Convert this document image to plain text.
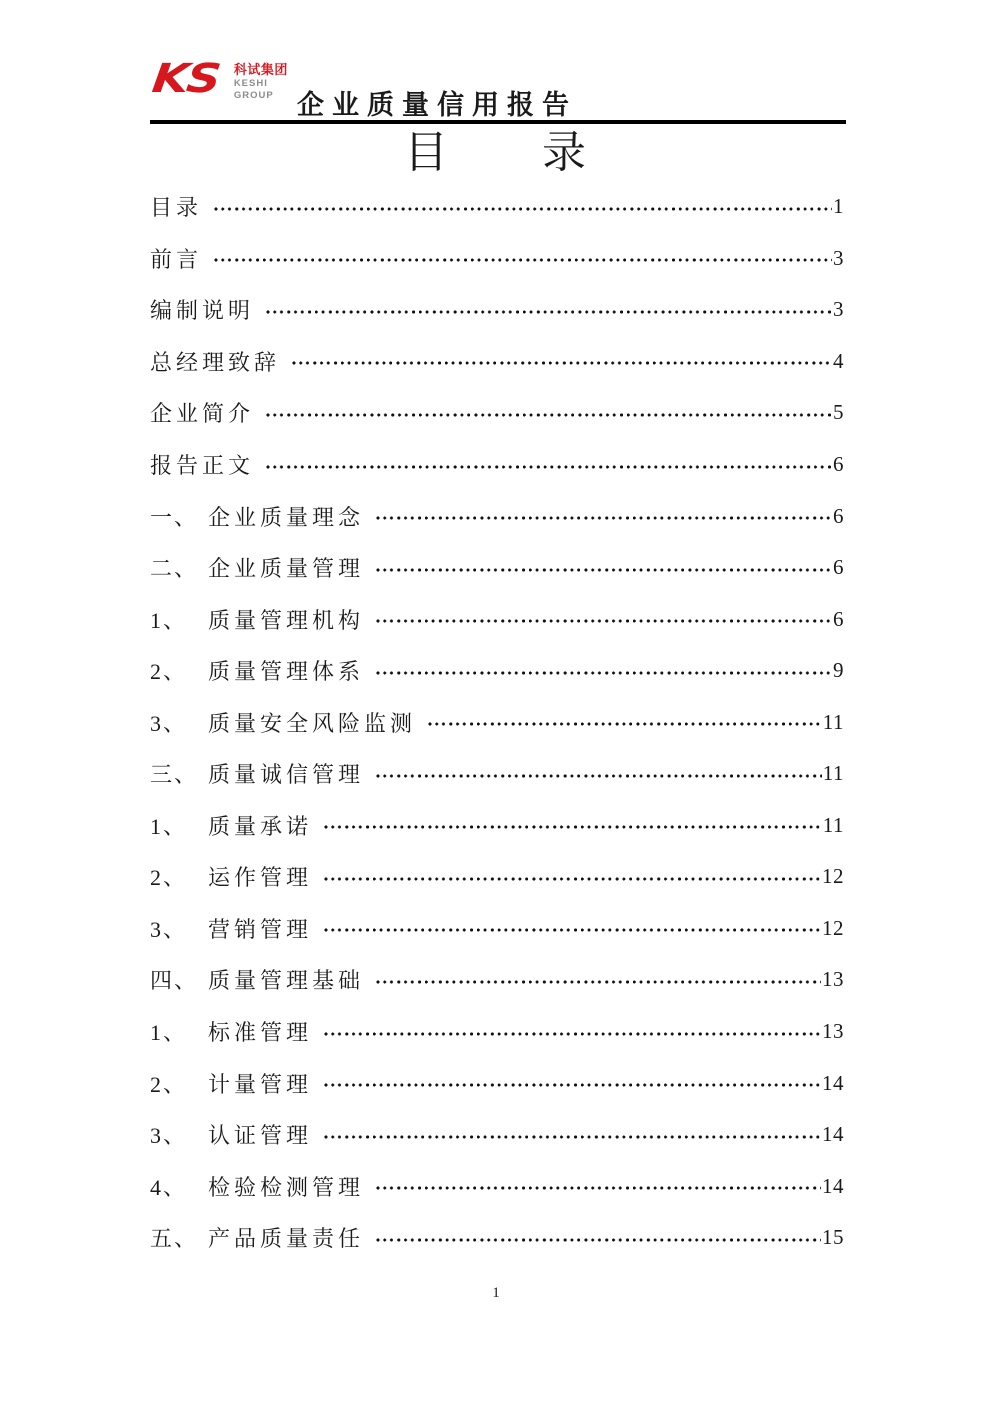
KS 科试集团
KESHI
GROUP 企业质量信用报告
目　　录
目录	1
前言	3
编制说明	3
总经理致辞	4
企业简介	5
报告正文	6
一、 企业质量理念	6
二、 企业质量管理	6
1、 质量管理机构	6
2、 质量管理体系	9
3、 质量安全风险监测	11
三、 质量诚信管理	11
1、 质量承诺	11
2、 运作管理	12
3、 营销管理	12
四、 质量管理基础	13
1、 标准管理	13
2、 计量管理	14
3、 认证管理	14
4、 检验检测管理	14
五、 产品质量责任	15
1
